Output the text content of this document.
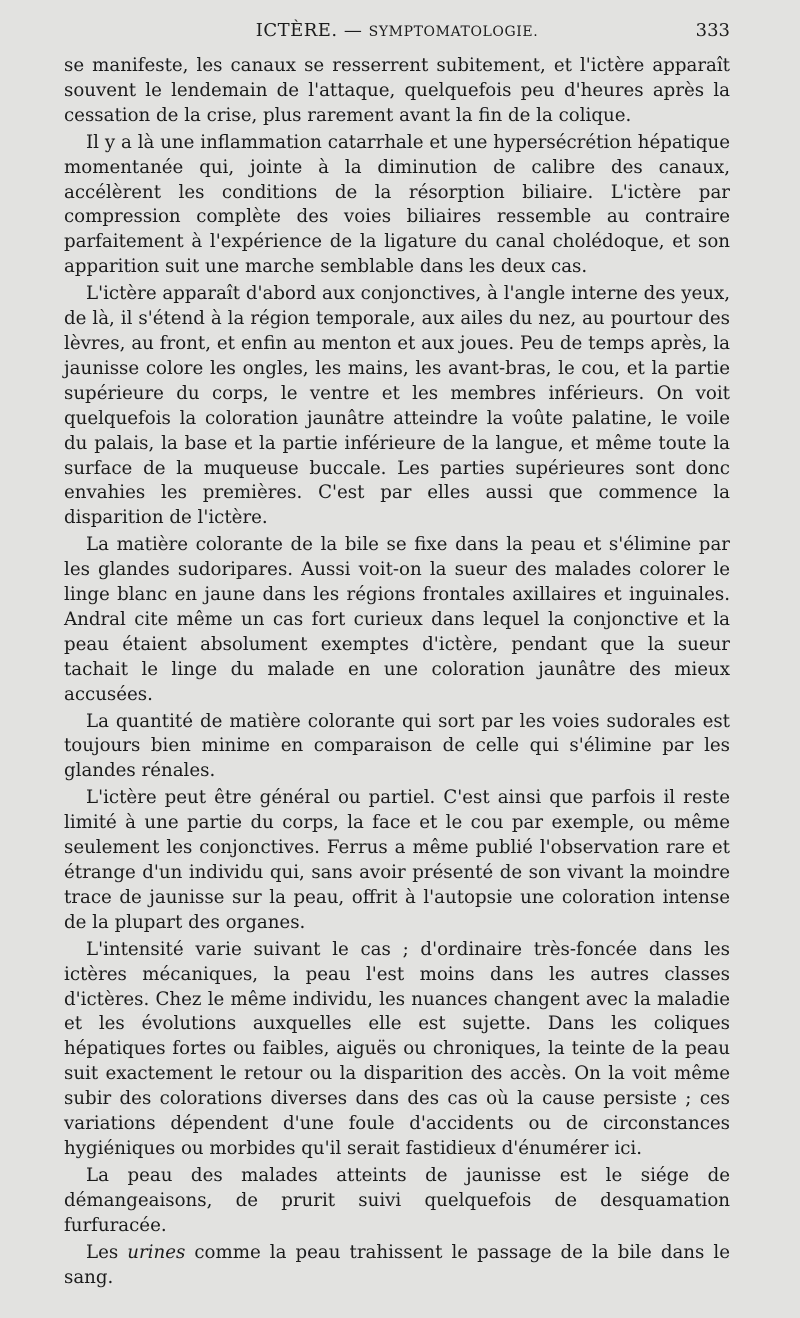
ICTÈRE. — SYMPTOMATOLOGIE.	333

se manifeste, les canaux se resserrent subitement, et l'ictère apparaît souvent le lendemain de l'attaque, quelquefois peu d'heures après la cessation de la crise, plus rarement avant la fin de la colique.

Il y a là une inflammation catarrhale et une hypersécrétion hépatique momentanée qui, jointe à la diminution de calibre des canaux, accélèrent les conditions de la résorption biliaire. L'ictère par compression complète des voies biliaires ressemble au contraire parfaitement à l'expérience de la ligature du canal cholédoque, et son apparition suit une marche semblable dans les deux cas.

L'ictère apparaît d'abord aux conjonctives, à l'angle interne des yeux, de là, il s'étend à la région temporale, aux ailes du nez, au pourtour des lèvres, au front, et enfin au menton et aux joues. Peu de temps après, la jaunisse colore les ongles, les mains, les avant-bras, le cou, et la partie supérieure du corps, le ventre et les membres inférieurs. On voit quelquefois la coloration jaunâtre atteindre la voûte palatine, le voile du palais, la base et la partie inférieure de la langue, et même toute la surface de la muqueuse buccale. Les parties supérieures sont donc envahies les premières. C'est par elles aussi que commence la disparition de l'ictère.

La matière colorante de la bile se fixe dans la peau et s'élimine par les glandes sudoripares. Aussi voit-on la sueur des malades colorer le linge blanc en jaune dans les régions frontales axillaires et inguinales. Andral cite même un cas fort curieux dans lequel la conjonctive et la peau étaient absolument exemptes d'ictère, pendant que la sueur tachait le linge du malade en une coloration jaunâtre des mieux accusées.

La quantité de matière colorante qui sort par les voies sudorales est toujours bien minime en comparaison de celle qui s'élimine par les glandes rénales.

L'ictère peut être général ou partiel. C'est ainsi que parfois il reste limité à une partie du corps, la face et le cou par exemple, ou même seulement les conjonctives. Ferrus a même publié l'observation rare et étrange d'un individu qui, sans avoir présenté de son vivant la moindre trace de jaunisse sur la peau, offrit à l'autopsie une coloration intense de la plupart des organes.

L'intensité varie suivant le cas ; d'ordinaire très-foncée dans les ictères mécaniques, la peau l'est moins dans les autres classes d'ictères. Chez le même individu, les nuances changent avec la maladie et les évolutions auxquelles elle est sujette. Dans les coliques hépatiques fortes ou faibles, aiguës ou chroniques, la teinte de la peau suit exactement le retour ou la disparition des accès. On la voit même subir des colorations diverses dans des cas où la cause persiste ; ces variations dépendent d'une foule d'accidents ou de circonstances hygiéniques ou morbides qu'il serait fastidieux d'énumérer ici.

La peau des malades atteints de jaunisse est le siége de démangeaisons, de prurit suivi quelquefois de desquamation furfuracée.

Les urines comme la peau trahissent le passage de la bile dans le sang.
